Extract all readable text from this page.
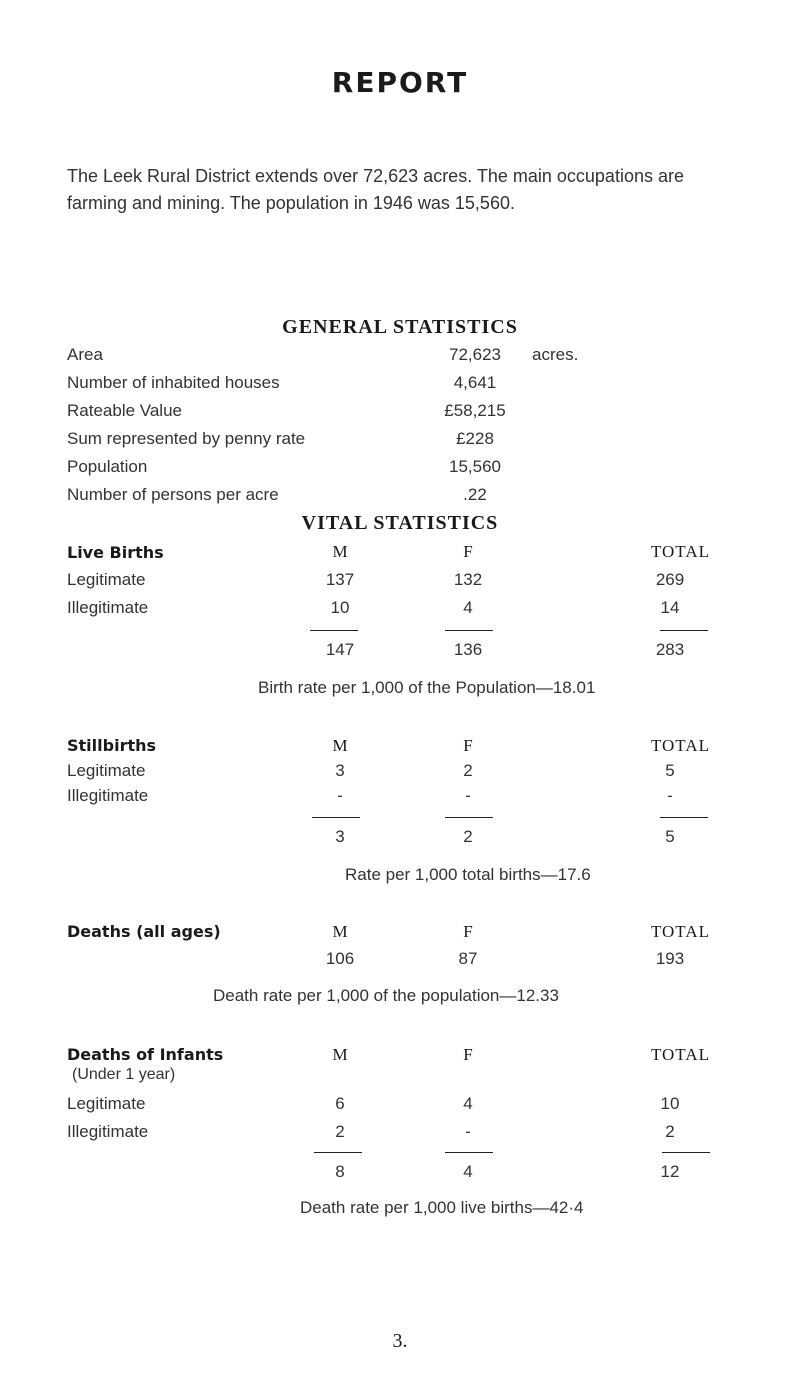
REPORT

The Leek Rural District extends over 72,623 acres. The main occupations are farming and mining. The population in 1946 was 15,560.

GENERAL STATISTICS
Area	72,623	acres.
Number of inhabited houses	4,641
Rateable Value	£58,215
Sum represented by penny rate	£228
Population	15,560
Number of persons per acre	.22
VITAL STATISTICS
Live Births	M	F	TOTAL
Legitimate	137	132	269
Illegitimate	10	4	14
147	136	283
Birth rate per 1,000 of the Population—18.01
Stillbirths	M	F	TOTAL
Legitimate	3	2	5
Illegitimate	-	-	-
3	2	5
Rate per 1,000 total births—17.6
Deaths (all ages)	M	F	TOTAL
106	87	193
Death rate per 1,000 of the population—12.33
Deaths of Infants
(Under 1 year)
M	F	TOTAL
Legitimate	6	4	10
Illegitimate	2	-	2
8	4	12
Death rate per 1,000 live births—42·4
3.
